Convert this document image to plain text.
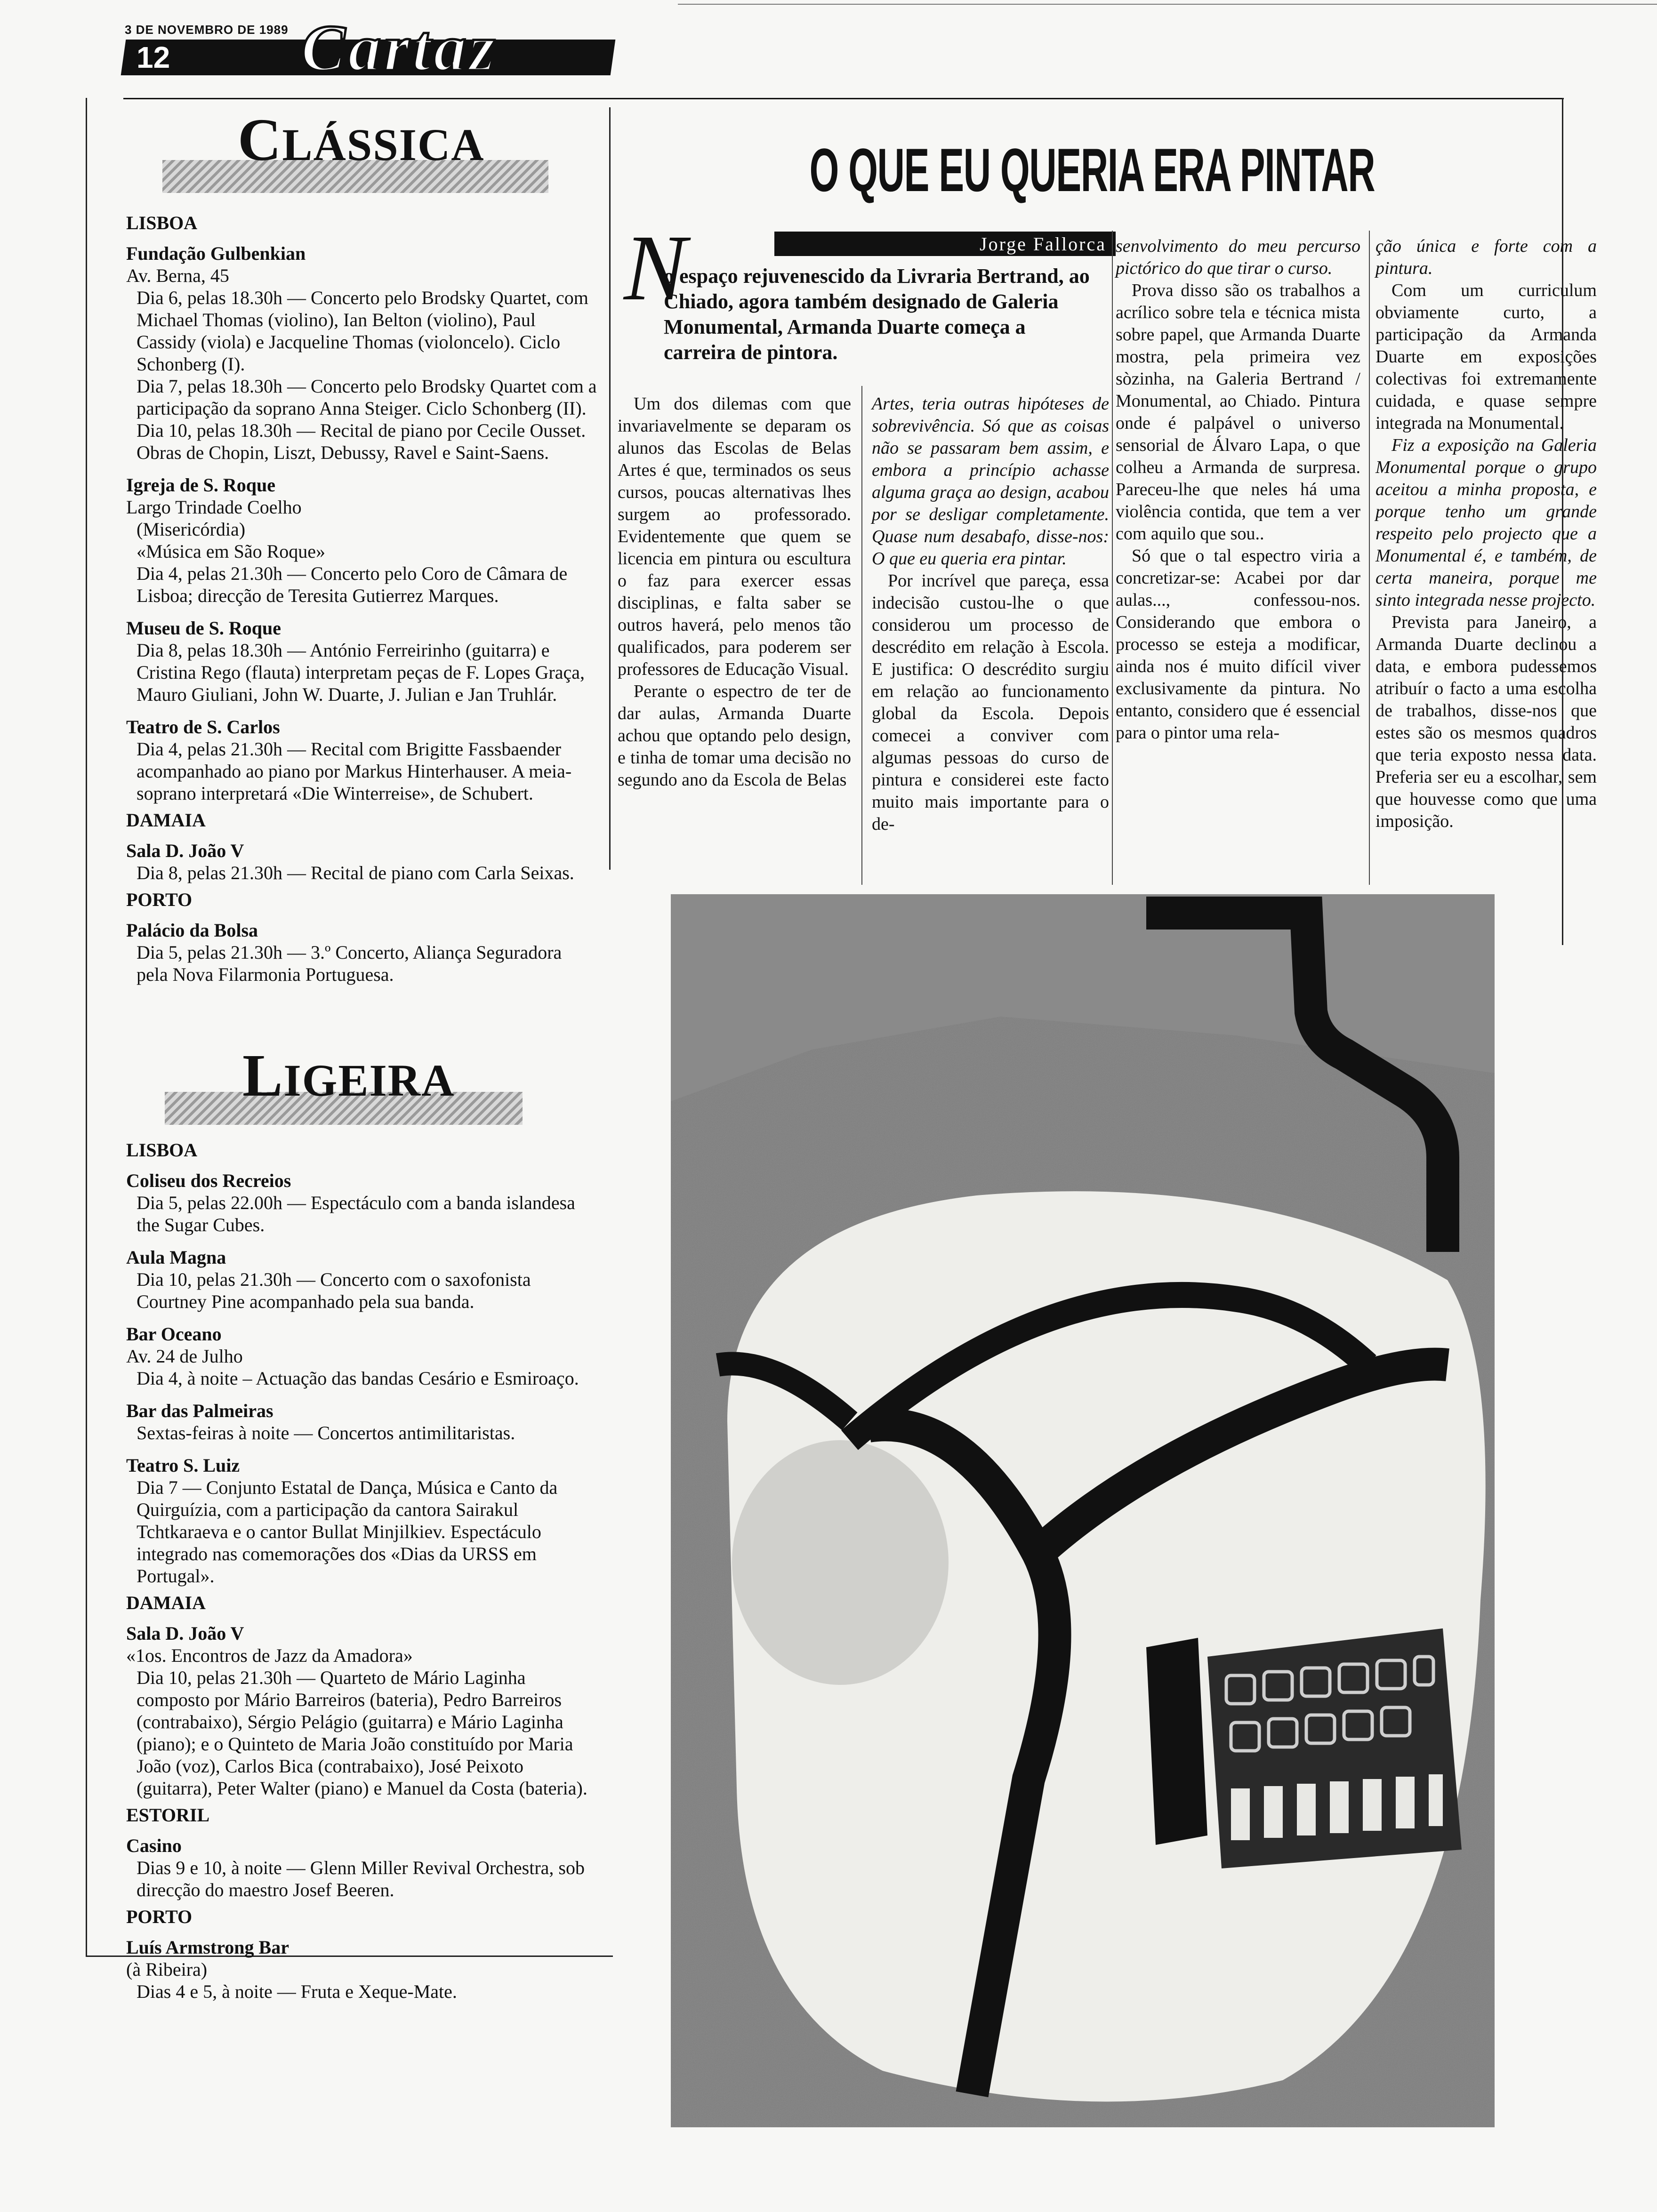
3 DE NOVEMBRO DE 1989
12 Cartaz
CLÁSSICA
LISBOA
Fundação Gulbenkian
Av. Berna, 45
Dia 6, pelas 18.30h — Concerto pelo Brodsky Quartet, com Michael Thomas (violino), Ian Belton (violino), Paul Cassidy (viola) e Jacqueline Thomas (violoncelo). Ciclo Schonberg (I).
Dia 7, pelas 18.30h — Concerto pelo Brodsky Quartet com a participação da soprano Anna Steiger. Ciclo Schonberg (II).
Dia 10, pelas 18.30h — Recital de piano por Cecile Ousset. Obras de Chopin, Liszt, Debussy, Ravel e Saint-Saens.
Igreja de S. Roque
Largo Trindade Coelho
(Misericórdia)
«Música em São Roque»
Dia 4, pelas 21.30h — Concerto pelo Coro de Câmara de Lisboa; direcção de Teresita Gutierrez Marques.
Museu de S. Roque
Dia 8, pelas 18.30h — António Ferreirinho (guitarra) e Cristina Rego (flauta) interpretam peças de F. Lopes Graça, Mauro Giuliani, John W. Duarte, J. Julian e Jan Truhlár.
Teatro de S. Carlos
Dia 4, pelas 21.30h — Recital com Brigitte Fassbaender acompanhado ao piano por Markus Hinterhauser. A meia-soprano interpretará «Die Winterreise», de Schubert.
DAMAIA
Sala D. João V
Dia 8, pelas 21.30h — Recital de piano com Carla Seixas.
PORTO
Palácio da Bolsa
Dia 5, pelas 21.30h — 3.º Concerto, Aliança Seguradora pela Nova Filarmonia Portuguesa.
LIGEIRA
LISBOA
Coliseu dos Recreios
Dia 5, pelas 22.00h — Espectáculo com a banda islandesa the Sugar Cubes.
Aula Magna
Dia 10, pelas 21.30h — Concerto com o saxofonista Courtney Pine acompanhado pela sua banda.
Bar Oceano
Av. 24 de Julho
Dia 4, à noite – Actuação das bandas Cesário e Esmiroaço.
Bar das Palmeiras
Sextas-feiras à noite — Concertos antimilitaristas.
Teatro S. Luiz
Dia 7 — Conjunto Estatal de Dança, Música e Canto da Quirguízia, com a participação da cantora Sairakul Tchtkaraeva e o cantor Bullat Minjilkiev. Espectáculo integrado nas comemorações dos «Dias da URSS em Portugal».
DAMAIA
Sala D. João V
«1os. Encontros de Jazz da Amadora»
Dia 10, pelas 21.30h — Quarteto de Mário Laginha composto por Mário Barreiros (bateria), Pedro Barreiros (contrabaixo), Sérgio Pelágio (guitarra) e Mário Laginha (piano); e o Quinteto de Maria João constituído por Maria João (voz), Carlos Bica (contrabaixo), José Peixoto (guitarra), Peter Walter (piano) e Manuel da Costa (bateria).
ESTORIL
Casino
Dias 9 e 10, à noite — Glenn Miller Revival Orchestra, sob direcção do maestro Josef Beeren.
PORTO
Luís Armstrong Bar
(à Ribeira)
Dias 4 e 5, à noite — Fruta e Xeque-Mate.
O QUE EU QUERIA ERA PINTAR
Jorge Fallorca
N
o espaço rejuvenescido da Livraria Bertrand, ao Chiado, agora também designado de Galeria Monumental, Armanda Duarte começa a carreira de pintora.

Um dos dilemas com que invariavelmente se deparam os alunos das Escolas de Belas Artes é que, terminados os seus cursos, poucas alternativas lhes surgem ao professorado. Evidentemente que quem se licencia em pintura ou escultura o faz para exercer essas disciplinas, e falta saber se outros haverá, pelo menos tão qualificados, para poderem ser professores de Educação Visual.

Perante o espectro de ter de dar aulas, Armanda Duarte achou que optando pelo design, e tinha de tomar uma decisão no segundo ano da Escola de Belas

Artes, teria outras hipóteses de sobrevivência. Só que as coisas não se passaram bem assim, e embora a princípio achasse alguma graça ao design, acabou por se desligar completamente. Quase num desabafo, disse-nos: O que eu queria era pintar.

Por incrível que pareça, essa indecisão custou-lhe o que considerou um processo de descrédito em relação à Escola. E justifica: O descrédito surgiu em relação ao funcionamento global da Escola. Depois comecei a conviver com algumas pessoas do curso de pintura e considerei este facto muito mais importante para o de-

senvolvimento do meu percurso pictórico do que tirar o curso.

Prova disso são os trabalhos a acrílico sobre tela e técnica mista sobre papel, que Armanda Duarte mostra, pela primeira vez sòzinha, na Galeria Bertrand / Monumental, ao Chiado. Pintura onde é palpável o universo sensorial de Álvaro Lapa, o que colheu a Armanda de surpresa. Pareceu-lhe que neles há uma violência contida, que tem a ver com aquilo que sou..

Só que o tal espectro viria a concretizar-se: Acabei por dar aulas..., confessou-nos. Considerando que embora o processo se esteja a modificar, ainda nos é muito difícil viver exclusivamente da pintura. No entanto, considero que é essencial para o pintor uma rela-

ção única e forte com a pintura.

Com um curriculum obviamente curto, a participação da Armanda Duarte em exposições colectivas foi extremamente cuidada, e quase sempre integrada na Monumental.

Fiz a exposição na Galeria Monumental porque o grupo aceitou a minha proposta, e porque tenho um grande respeito pelo projecto que a Monumental é, e também, de certa maneira, porque me sinto integrada nesse projecto.

Prevista para Janeiro, a Armanda Duarte declinou a data, e embora pudessemos atribuír o facto a uma escolha de trabalhos, disse-nos que estes são os mesmos quadros que teria exposto nessa data. Preferia ser eu a escolhar, sem que houvesse como que uma imposição.
